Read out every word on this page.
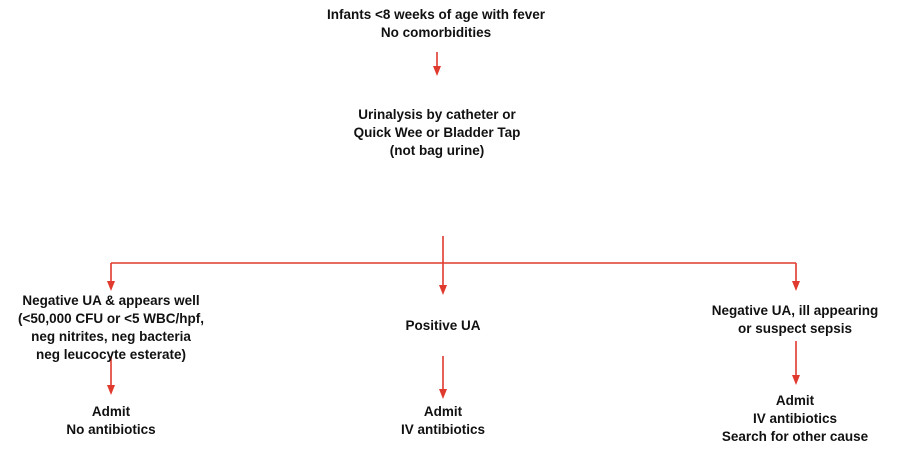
Infants <8 weeks of age with fever
No comorbidities
Urinalysis by catheter or
Quick Wee or Bladder Tap
(not bag urine)
Negative UA & appears well
(<50,000 CFU or <5 WBC/hpf,
neg nitrites, neg bacteria
neg leucocyte esterate)
Positive UA
Negative UA, ill appearing
or suspect sepsis
Admit
No antibiotics
Admit
IV antibiotics
Admit
IV antibiotics
Search for other cause
